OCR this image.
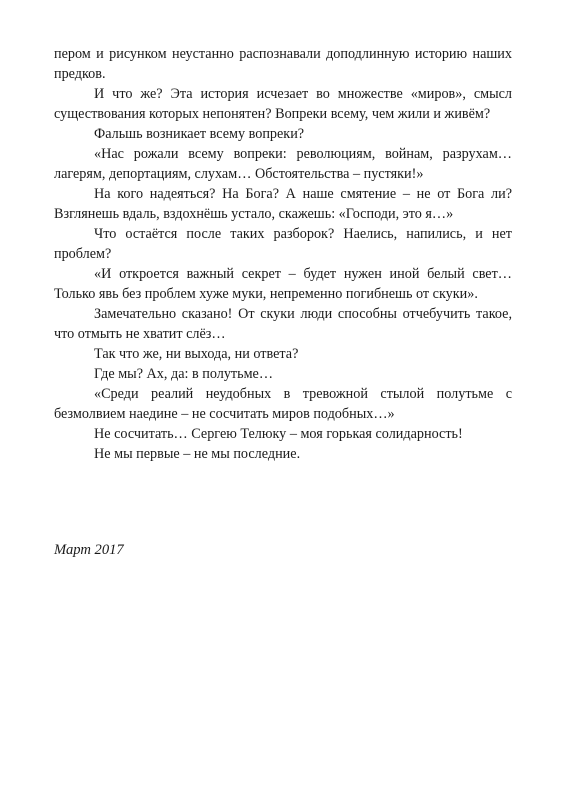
пером и рисунком неустанно распознавали доподлинную историю наших предков.

И что же? Эта история исчезает во множестве «миров», смысл существования которых непонятен? Вопреки всему, чем жили и живём?

Фальшь возникает всему вопреки?

«Нас рожали всему вопреки: революциям, войнам, разрухам… лагерям, депортациям, слухам… Обстоятельства – пустяки!»

На кого надеяться? На Бога? А наше смятение – не от Бога ли? Взглянешь вдаль, вздохнёшь устало, скажешь: «Господи, это я…»

Что остаётся после таких разборок? Наелись, напились, и нет проблем?

«И откроется важный секрет – будет нужен иной белый свет… Только явь без проблем хуже муки, непременно погибнешь от скуки».

Замечательно сказано! От скуки люди способны отчебучить такое, что отмыть не хватит слёз…

Так что же, ни выхода, ни ответа?

Где мы? Ах, да: в полутьме…

«Среди реалий неудобных в тревожной стылой полутьме с безмолвием наедине – не сосчитать миров подобных…»

Не сосчитать… Сергею Телюку – моя горькая солидарность!

Не мы первые – не мы последние.

Март 2017
